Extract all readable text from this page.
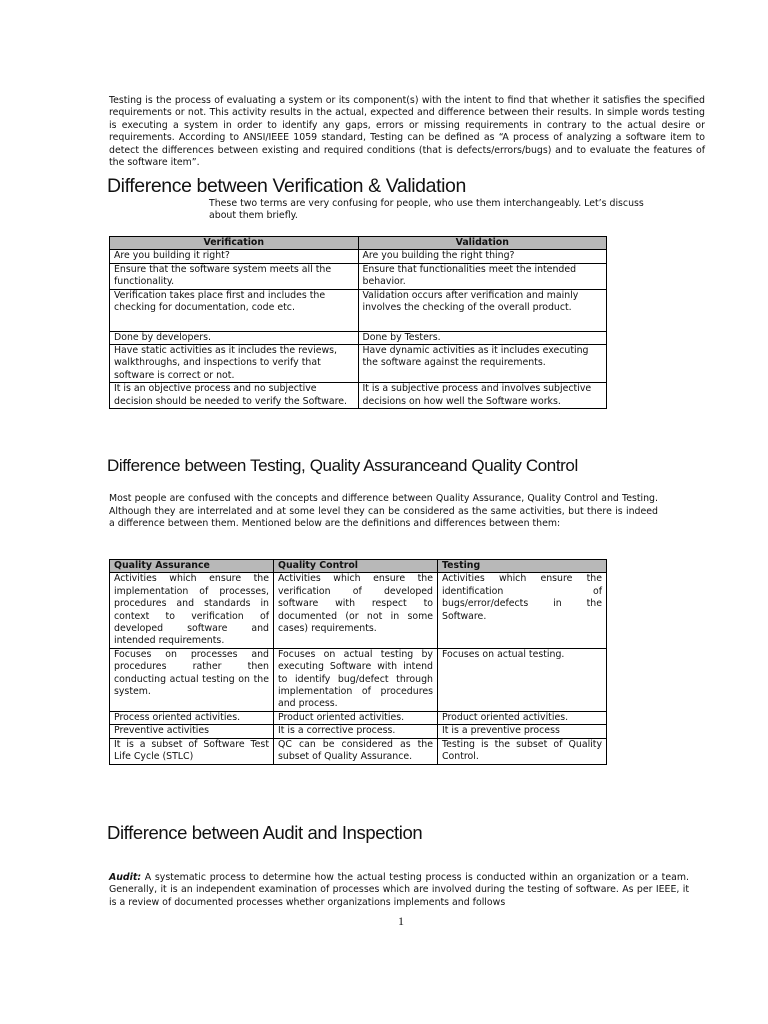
Testing is the process of evaluating a system or its component(s) with the intent to find that whether it satisfies the specified requirements or not. This activity results in the actual, expected and difference between their results. In simple words testing is executing a system in order to identify any gaps, errors or missing requirements in contrary to the actual desire or requirements. According to ANSI/IEEE 1059 standard, Testing can be defined as “A process of analyzing a software item to detect the differences between existing and required conditions (that is defects/errors/bugs) and to evaluate the features of the software item”.

Difference between Verification & Validation

These two terms are very confusing for people, who use them interchangeably. Let’s discuss about them briefly.

Verification	Validation
Are you building it right?	Are you building the right thing?
Ensure that the software system meets all the functionality.	Ensure that functionalities meet the intended behavior.
Verification takes place first and includes the checking for documentation, code etc.	Validation occurs after verification and mainly involves the checking of the overall product.
Done by developers.	Done by Testers.
Have static activities as it includes the reviews, walkthroughs, and inspections to verify that software is correct or not.	Have dynamic activities as it includes executing the software against the requirements.
It is an objective process and no subjective decision should be needed to verify the Software.	It is a subjective process and involves subjective decisions on how well the Software works.
Difference between Testing, Quality Assuranceand Quality Control

Most people are confused with the concepts and difference between Quality Assurance, Quality Control and Testing. Although they are interrelated and at some level they can be considered as the same activities, but there is indeed a difference between them. Mentioned below are the definitions and differences between them:

Quality Assurance	Quality Control	Testing
Activities which ensure the implementation of processes, procedures and standards in context to verification of developed software and intended requirements.	Activities which ensure the verification of developed software with respect to documented (or not in some cases) requirements.	Activities which ensure the identification of bugs/error/defects in the Software.
Focuses on processes and procedures rather then conducting actual testing on the system.	Focuses on actual testing by executing Software with intend to identify bug/defect through implementation of procedures and process.	Focuses on actual testing.
Process oriented activities.	Product oriented activities.	Product oriented activities.
Preventive activities	It is a corrective process.	It is a preventive process
It is a subset of Software Test Life Cycle (STLC)	QC can be considered as the subset of Quality Assurance.	Testing is the subset of Quality Control.
Difference between Audit and Inspection

Audit: A systematic process to determine how the actual testing process is conducted within an organization or a team. Generally, it is an independent examination of processes which are involved during the testing of software. As per IEEE, it is a review of documented processes whether organizations implements and follows

1
